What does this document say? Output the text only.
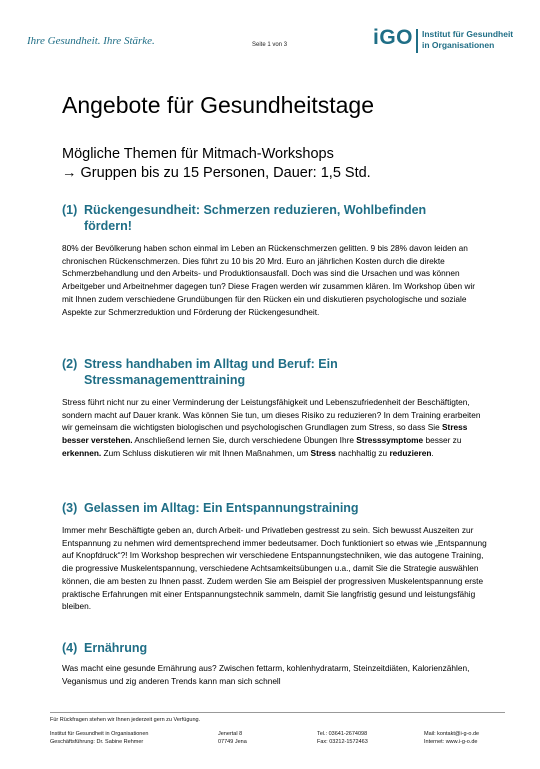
Ihre Gesundheit. Ihre Stärke.	Seite 1 von 3	iGO Institut für Gesundheit
in Organisationen
Angebote für Gesundheitstage
Mögliche Themen für Mitmach-Workshops
→ Gruppen bis zu 15 Personen, Dauer: 1,5 Std.
(1) Rückengesundheit: Schmerzen reduzieren, Wohlbefinden
fördern!
80% der Bevölkerung haben schon einmal im Leben an Rückenschmerzen gelitten. 9 bis 28% davon leiden an chronischen Rückenschmerzen. Dies führt zu 10 bis 20 Mrd. Euro an jährlichen Kosten durch die direkte Schmerzbehandlung und den Arbeits- und Produktionsausfall. Doch was sind die Ursachen und was können Arbeitgeber und Arbeitnehmer dagegen tun? Diese Fragen werden wir zusammen klären. Im Workshop üben wir mit Ihnen zudem verschiedene Grundübungen für den Rücken ein und diskutieren psychologische und soziale Aspekte zur Schmerzreduktion und Förderung der Rückengesundheit.
(2) Stress handhaben im Alltag und Beruf: Ein
Stressmanagementtraining
Stress führt nicht nur zu einer Verminderung der Leistungsfähigkeit und Lebenszufriedenheit der Beschäftigten, sondern macht auf Dauer krank. Was können Sie tun, um dieses Risiko zu reduzieren? In dem Training erarbeiten wir gemeinsam die wichtigsten biologischen und psychologischen Grundlagen zum Stress, so dass Sie Stress besser verstehen. Anschließend lernen Sie, durch verschiedene Übungen Ihre Stresssymptome besser zu erkennen. Zum Schluss diskutieren wir mit Ihnen Maßnahmen, um Stress nachhaltig zu reduzieren.
(3) Gelassen im Alltag: Ein Entspannungstraining
Immer mehr Beschäftigte geben an, durch Arbeit- und Privatleben gestresst zu sein. Sich bewusst Auszeiten zur Entspannung zu nehmen wird dementsprechend immer bedeutsamer. Doch funktioniert so etwas wie „Entspannung auf Knopfdruck“?! Im Workshop besprechen wir verschiedene Entspannungstechniken, wie das autogene Training, die progressive Muskelentspannung, verschiedene Achtsamkeitsübungen u.a., damit Sie die Strategie auswählen können, die am besten zu Ihnen passt. Zudem werden Sie am Beispiel der progressiven Muskelentspannung erste praktische Erfahrungen mit einer Entspannungstechnik sammeln, damit Sie langfristig gesund und leistungsfähig bleiben.
(4) Ernährung
Was macht eine gesunde Ernährung aus? Zwischen fettarm, kohlenhydratarm, Steinzeitdiäten, Kalorienzählen, Veganismus und zig anderen Trends kann man sich schnell
Für Rückfragen stehen wir Ihnen jederzeit gern zu Verfügung.
Institut für Gesundheit in Organisationen
Geschäftsführung: Dr. Sabine Rehmer
Jenertal 8
07749 Jena
Tel.: 03641-2674098
Fax: 03212-1572463
Mail: kontakt@i-g-o.de
Internet: www.i-g-o.de
